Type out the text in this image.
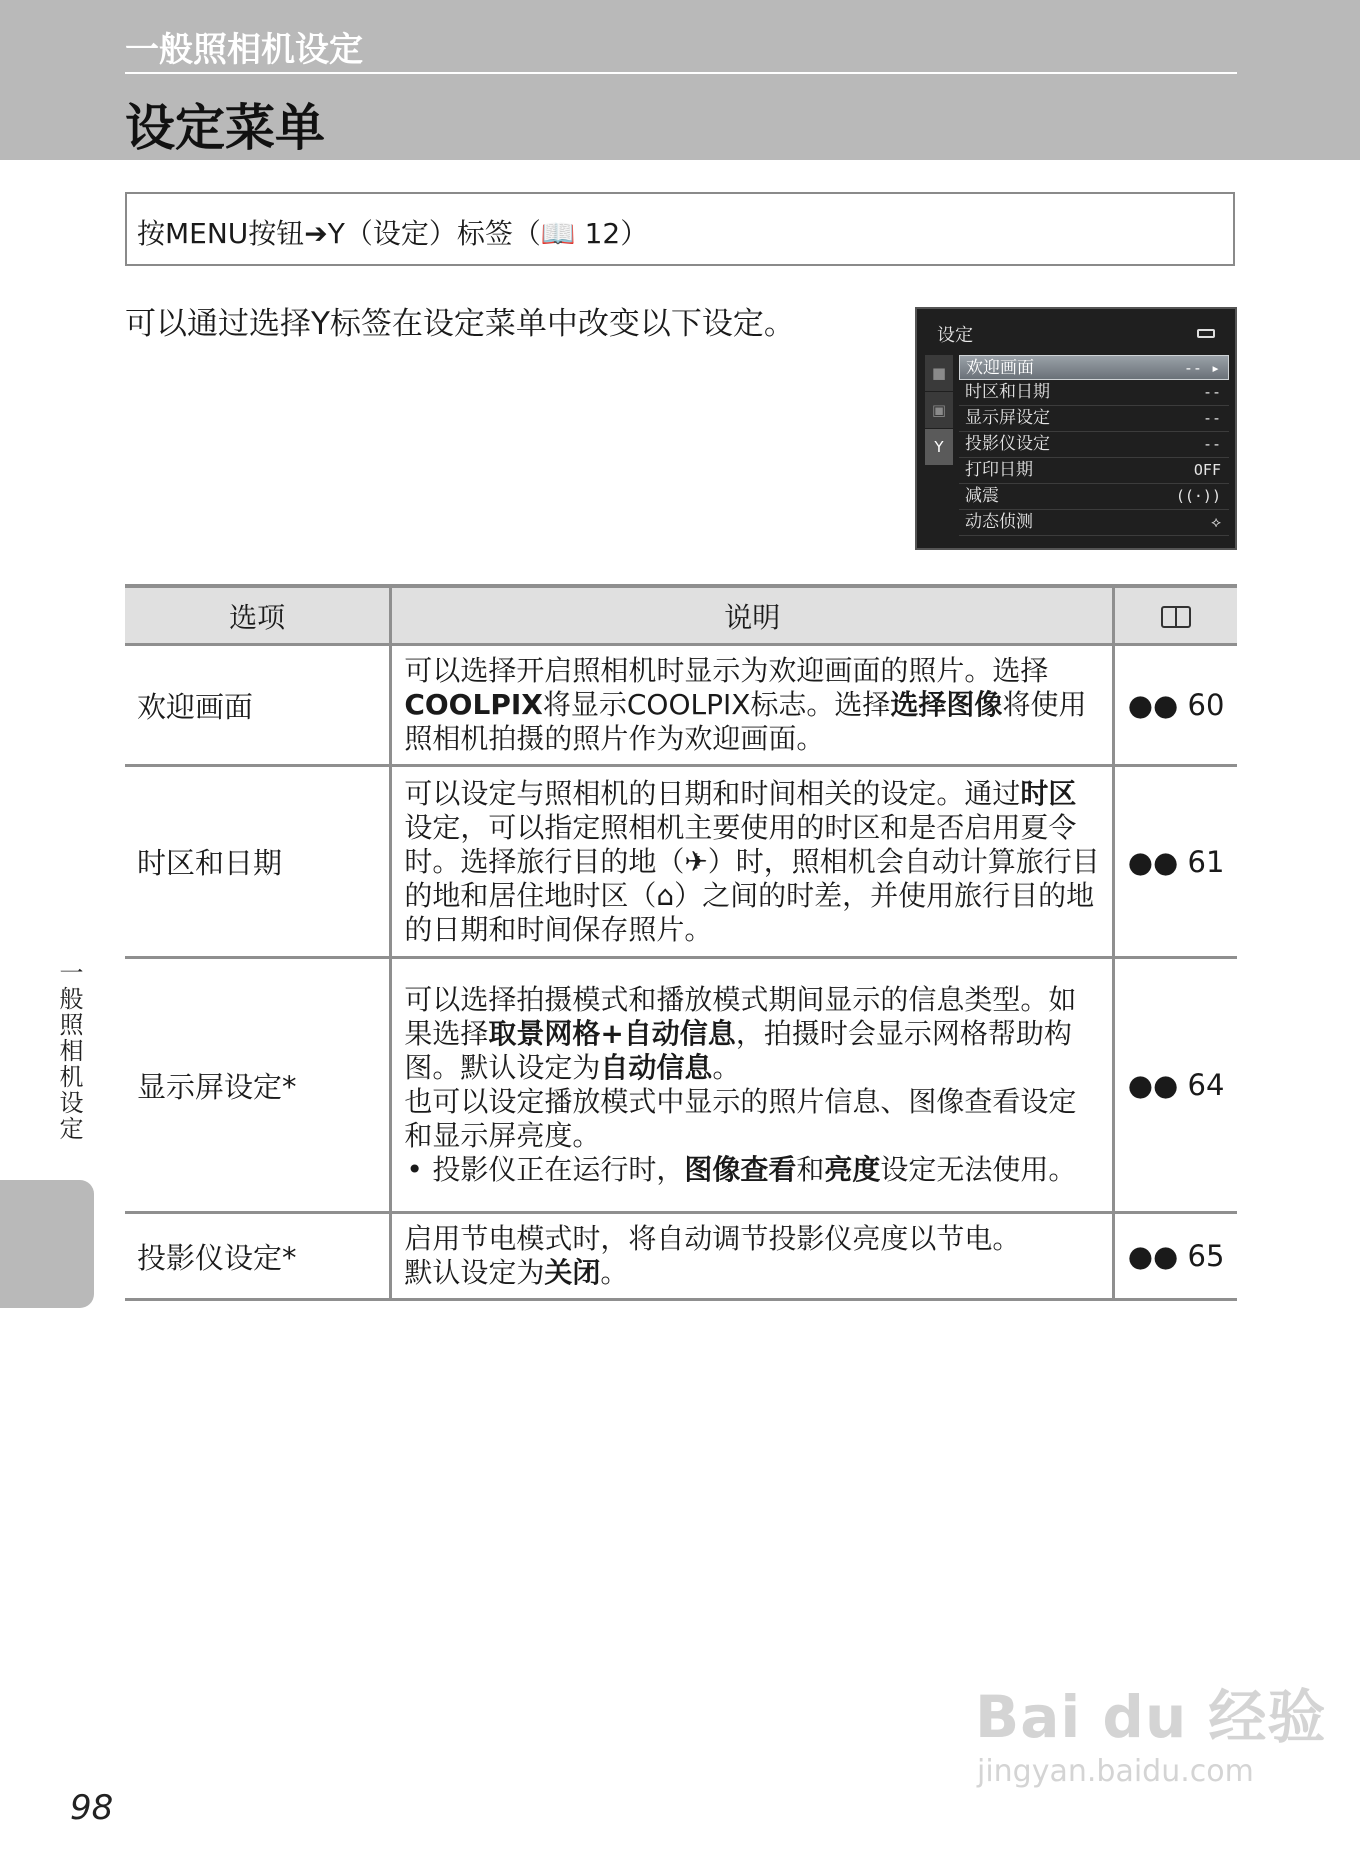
一般照相机设定
设定菜单
按MENU按钮➔Y（设定）标签（📖 12）
可以通过选择Y标签在设定菜单中改变以下设定。	设定
■
▣
Y
欢迎画面	-- ▸
时区和日期	--
显示屏设定	--
投影仪设定	--
打印日期	OFF
减震	((·))
动态侦测	⟡
选项	说明	
欢迎画面	可以选择开启照相机时显示为欢迎画面的照片。选择COOLPIX将显示COOLPIX标志。选择选择图像将使用照相机拍摄的照片作为欢迎画面。	●● 60
时区和日期	可以设定与照相机的日期和时间相关的设定。通过时区设定，可以指定照相机主要使用的时区和是否启用夏令时。选择旅行目的地（✈）时，照相机会自动计算旅行目的地和居住地时区（⌂）之间的时差，并使用旅行目的地的日期和时间保存照片。	●● 61
显示屏设定*	可以选择拍摄模式和播放模式期间显示的信息类型。如果选择取景网格+自动信息，拍摄时会显示网格帮助构图。默认设定为自动信息。
也可以设定播放模式中显示的照片信息、图像查看设定和显示屏亮度。
• 投影仪正在运行时，图像查看和亮度设定无法使用。	●● 64
投影仪设定*	启用节电模式时，将自动调节投影仪亮度以节电。
默认设定为关闭。	●● 65
一般照相机设定
98
Bai du 经验
jingyan.baidu.com
